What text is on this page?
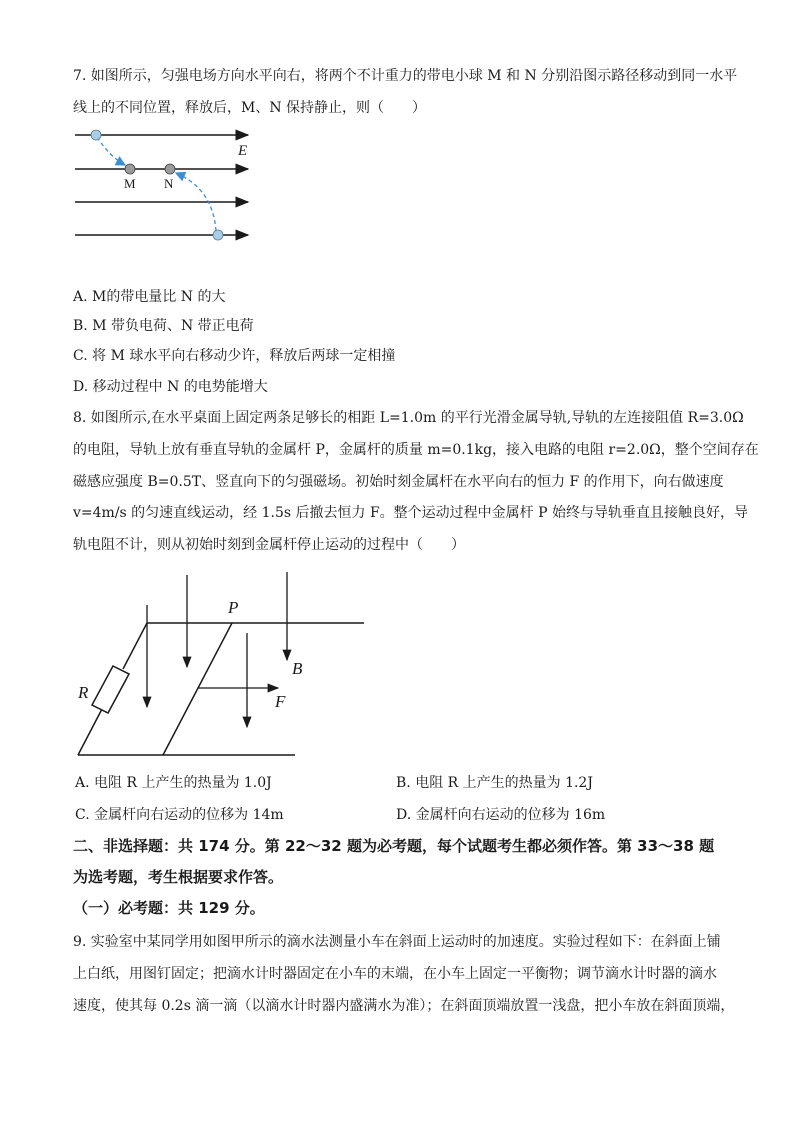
7. 如图所示，匀强电场方向水平向右，将两个不计重力的带电小球 M 和 N 分别沿图示路径移动到同一水平
线上的不同位置，释放后，M、N 保持静止，则（　　）
E
M N
A. M的带电量比 N 的大
B. M 带负电荷、N 带正电荷
C. 将 M 球水平向右移动少许，释放后两球一定相撞
D. 移动过程中 N 的电势能增大
8. 如图所示,在水平桌面上固定两条足够长的相距 L=1.0m 的平行光滑金属导轨,导轨的左连接阻值 R=3.0Ω
的电阻，导轨上放有垂直导轨的金属杆 P，金属杆的质量 m=0.1kg，接入电路的电阻 r=2.0Ω，整个空间存在
磁感应强度 B=0.5T、竖直向下的匀强磁场。初始时刻金属杆在水平向右的恒力 F 的作用下，向右做速度
v=4m/s 的匀速直线运动，经 1.5s 后撤去恒力 F。整个运动过程中金属杆 P 始终与导轨垂直且接触良好，导
轨电阻不计，则从初始时刻到金属杆停止运动的过程中（　　）
R
P
B
F
A. 电阻 R 上产生的热量为 1.0J	B. 电阻 R 上产生的热量为 1.2J
C. 金属杆向右运动的位移为 14m	D. 金属杆向右运动的位移为 16m
二、非选择题：共 174 分。第 22～32 题为必考题，每个试题考生都必须作答。第 33～38 题
为选考题，考生根据要求作答。
（一）必考题：共 129 分。
9. 实验室中某同学用如图甲所示的滴水法测量小车在斜面上运动时的加速度。实验过程如下：在斜面上铺
上白纸，用图钉固定；把滴水计时器固定在小车的末端，在小车上固定一平衡物；调节滴水计时器的滴水
速度，使其每 0.2s 滴一滴（以滴水计时器内盛满水为准）；在斜面顶端放置一浅盘，把小车放在斜面顶端，
